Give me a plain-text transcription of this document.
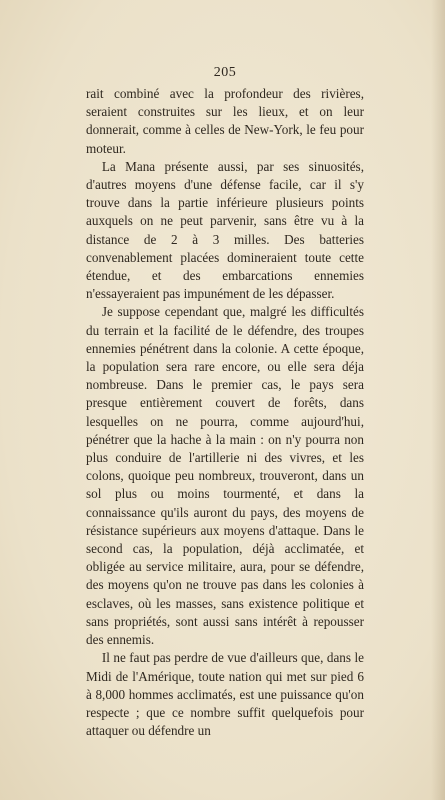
205

rait combiné avec la profondeur des rivières, seraient construites sur les lieux, et on leur donnerait, comme à celles de New-York, le feu pour moteur.

La Mana présente aussi, par ses sinuosités, d'autres moyens d'une défense facile, car il s'y trouve dans la partie inférieure plusieurs points auxquels on ne peut parvenir, sans être vu à la distance de 2 à 3 milles. Des batteries convenablement placées domineraient toute cette étendue, et des embarcations ennemies n'essayeraient pas impunément de les dépasser.

Je suppose cependant que, malgré les difficultés du terrain et la facilité de le défendre, des troupes ennemies pénétrent dans la colonie. A cette époque, la population sera rare encore, ou elle sera déja nombreuse. Dans le premier cas, le pays sera presque entièrement couvert de forêts, dans lesquelles on ne pourra, comme aujourd'hui, pénétrer que la hache à la main : on n'y pourra non plus conduire de l'artillerie ni des vivres, et les colons, quoique peu nombreux, trouveront, dans un sol plus ou moins tourmenté, et dans la connaissance qu'ils auront du pays, des moyens de résistance supérieurs aux moyens d'attaque. Dans le second cas, la population, déjà acclimatée, et obligée au service militaire, aura, pour se défendre, des moyens qu'on ne trouve pas dans les colonies à esclaves, où les masses, sans existence politique et sans propriétés, sont aussi sans intérêt à repousser des ennemis.

Il ne faut pas perdre de vue d'ailleurs que, dans le Midi de l'Amérique, toute nation qui met sur pied 6 à 8,000 hommes acclimatés, est une puissance qu'on respecte ; que ce nombre suffit quelquefois pour attaquer ou défendre un
